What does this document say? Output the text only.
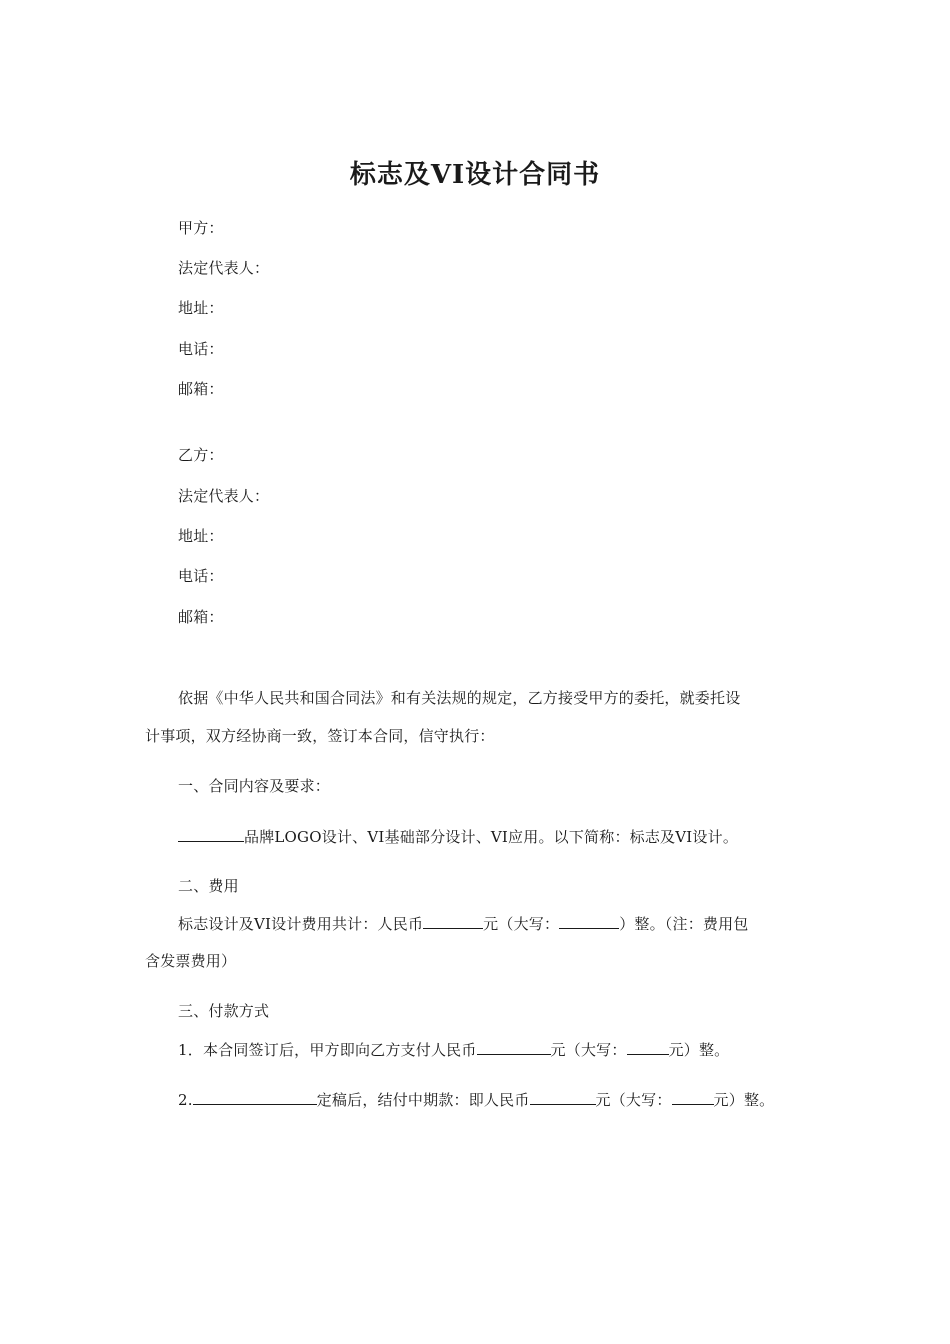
标志及VI设计合同书
甲方：
法定代表人：
地址：
电话：
邮箱：
乙方：
法定代表人：
地址：
电话：
邮箱：
依据《中华人民共和国合同法》和有关法规的规定，乙方接受甲方的委托，就委托设
计事项，双方经协商一致，签订本合同，信守执行：
一、合同内容及要求：
品牌LOGO设计、VI基础部分设计、VI应用。以下简称：标志及VI设计。
二、费用
标志设计及VI设计费用共计：人民币	元（大写：	）整。（注：费用包
含发票费用）
三、付款方式
1．本合同签订后，甲方即向乙方支付人民币	元（大写：	元）整。
2.	定稿后，结付中期款：即人民币	元（大写：	元）整。
